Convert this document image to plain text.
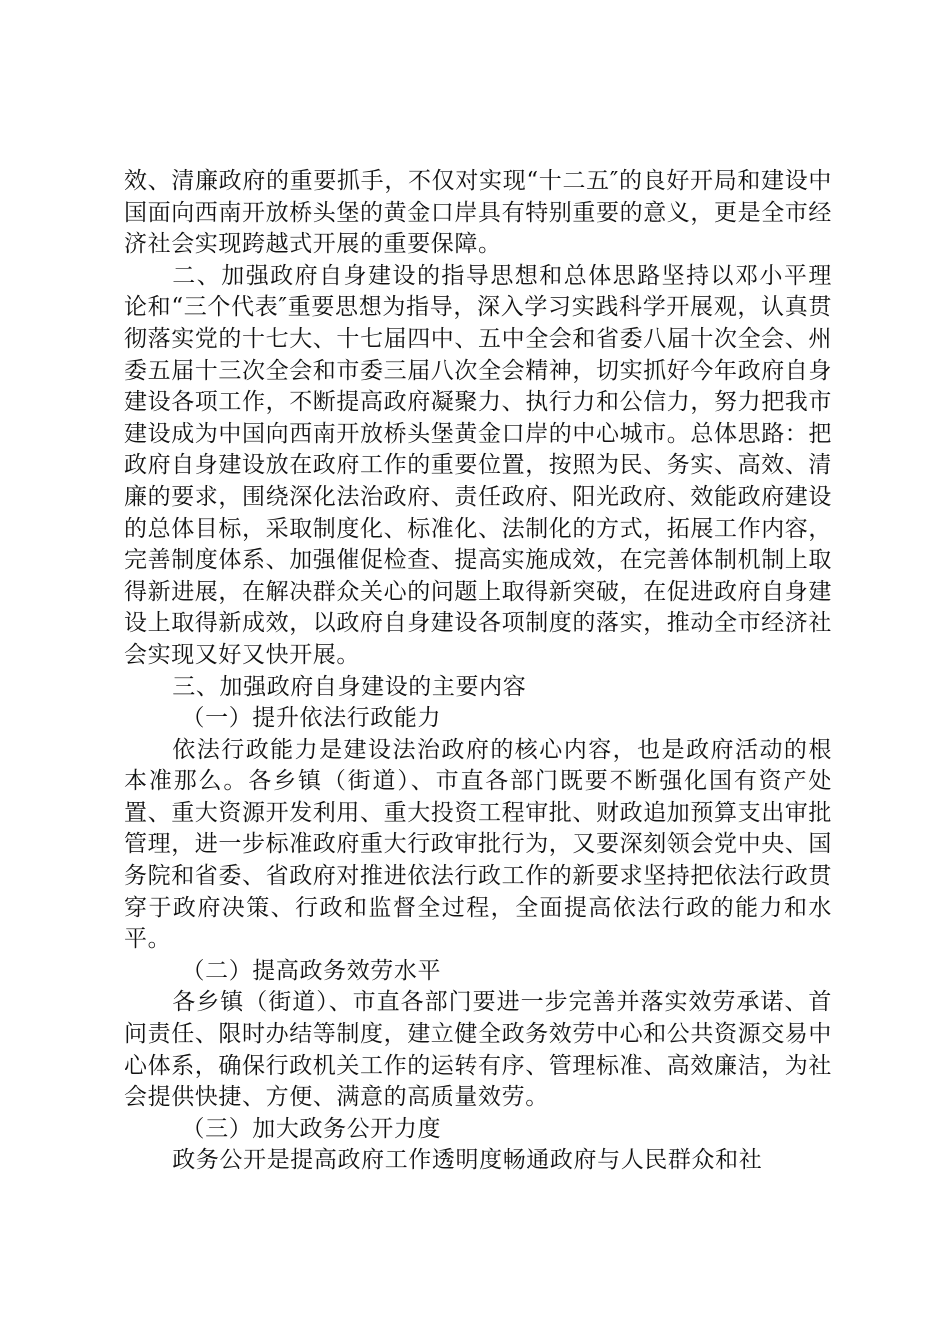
效、清廉政府的重要抓手，不仅对实现“十二五″的良好开局和建设中国面向西南开放桥头堡的黄金口岸具有特别重要的意义，更是全市经济社会实现跨越式开展的重要保障。

二、加强政府自身建设的指导思想和总体思路坚持以邓小平理论和“三个代表″重要思想为指导，深入学习实践科学开展观，认真贯彻落实党的十七大、十七届四中、五中全会和省委八届十次全会、州委五届十三次全会和市委三届八次全会精神，切实抓好今年政府自身建设各项工作，不断提高政府凝聚力、执行力和公信力，努力把我市建设成为中国向西南开放桥头堡黄金口岸的中心城市。总体思路：把政府自身建设放在政府工作的重要位置，按照为民、务实、高效、清廉的要求，围绕深化法治政府、责任政府、阳光政府、效能政府建设的总体目标，采取制度化、标准化、法制化的方式，拓展工作内容，完善制度体系、加强催促检查、提高实施成效，在完善体制机制上取得新进展，在解决群众关心的问题上取得新突破，在促进政府自身建设上取得新成效，以政府自身建设各项制度的落实，推动全市经济社会实现又好又快开展。

三、加强政府自身建设的主要内容

（一）提升依法行政能力

依法行政能力是建设法治政府的核心内容，也是政府活动的根本准那么。各乡镇（街道）、市直各部门既要不断强化国有资产处置、重大资源开发利用、重大投资工程审批、财政追加预算支出审批管理，进一步标准政府重大行政审批行为，又要深刻领会党中央、国务院和省委、省政府对推进依法行政工作的新要求坚持把依法行政贯穿于政府决策、行政和监督全过程，全面提高依法行政的能力和水平。

（二）提高政务效劳水平

各乡镇（街道）、市直各部门要进一步完善并落实效劳承诺、首问责任、限时办结等制度，建立健全政务效劳中心和公共资源交易中心体系，确保行政机关工作的运转有序、管理标准、高效廉洁，为社会提供快捷、方便、满意的高质量效劳。

（三）加大政务公开力度

政务公开是提高政府工作透明度畅通政府与人民群众和社
